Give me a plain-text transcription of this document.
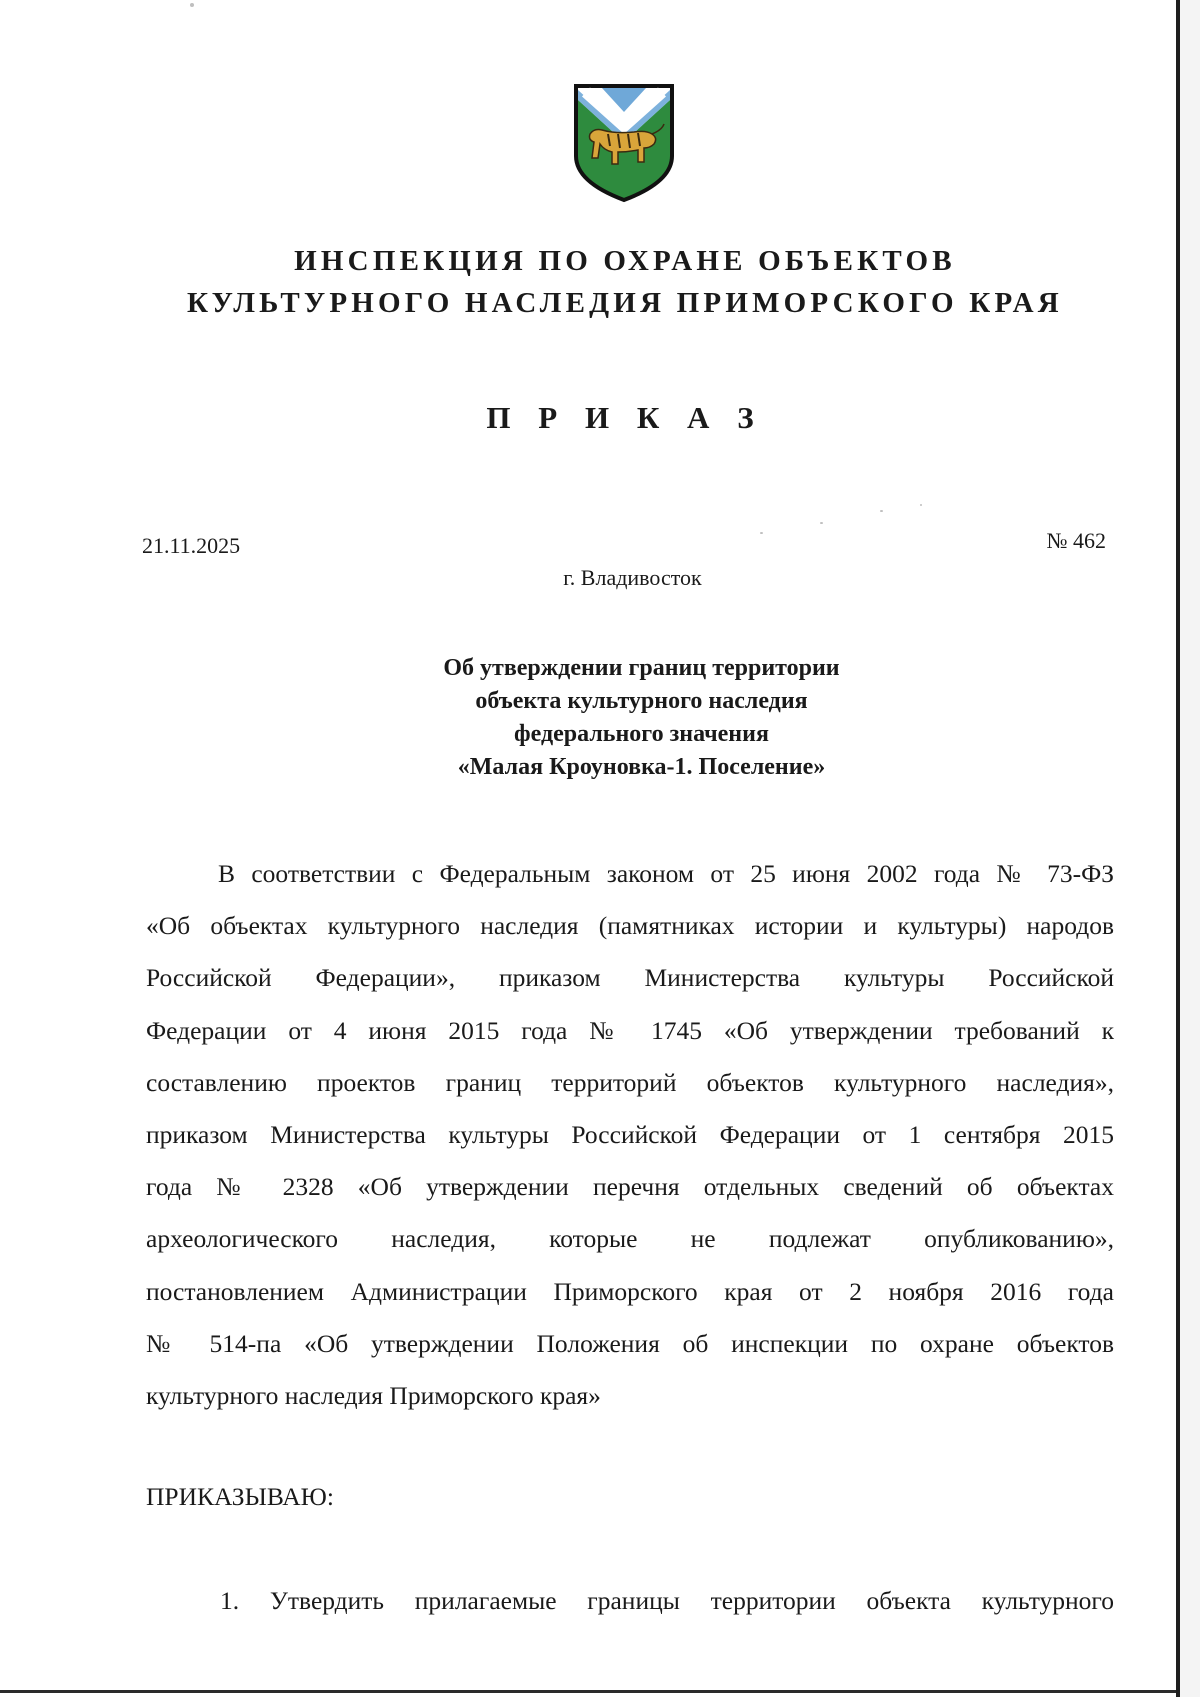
ИНСПЕКЦИЯ ПО ОХРАНЕ ОБЪЕКТОВ
КУЛЬТУРНОГО НАСЛЕДИЯ ПРИМОРСКОГО КРАЯ
П Р И К А З
21.11.2025	№ 462
г. Владивосток
Об утверждении границ территории
объекта культурного наследия
федерального значения
«Малая Кроуновка-1. Поселение»
В соответствии с Федеральным законом от 25 июня 2002 года № 73-ФЗ
«Об объектах культурного наследия (памятниках истории и культуры) народов
Российской Федерации», приказом Министерства культуры Российской
Федерации от 4 июня 2015 года № 1745 «Об утверждении требований к
составлению проектов границ территорий объектов культурного наследия»,
приказом Министерства культуры Российской Федерации от 1 сентября 2015
года № 2328 «Об утверждении перечня отдельных сведений об объектах
археологического наследия, которые не подлежат опубликованию»,
постановлением Администрации Приморского края от 2 ноября 2016 года
№ 514-па «Об утверждении Положения об инспекции по охране объектов
культурного наследия Приморского края»
ПРИКАЗЫВАЮ:
1. Утвердить прилагаемые границы территории объекта культурного
